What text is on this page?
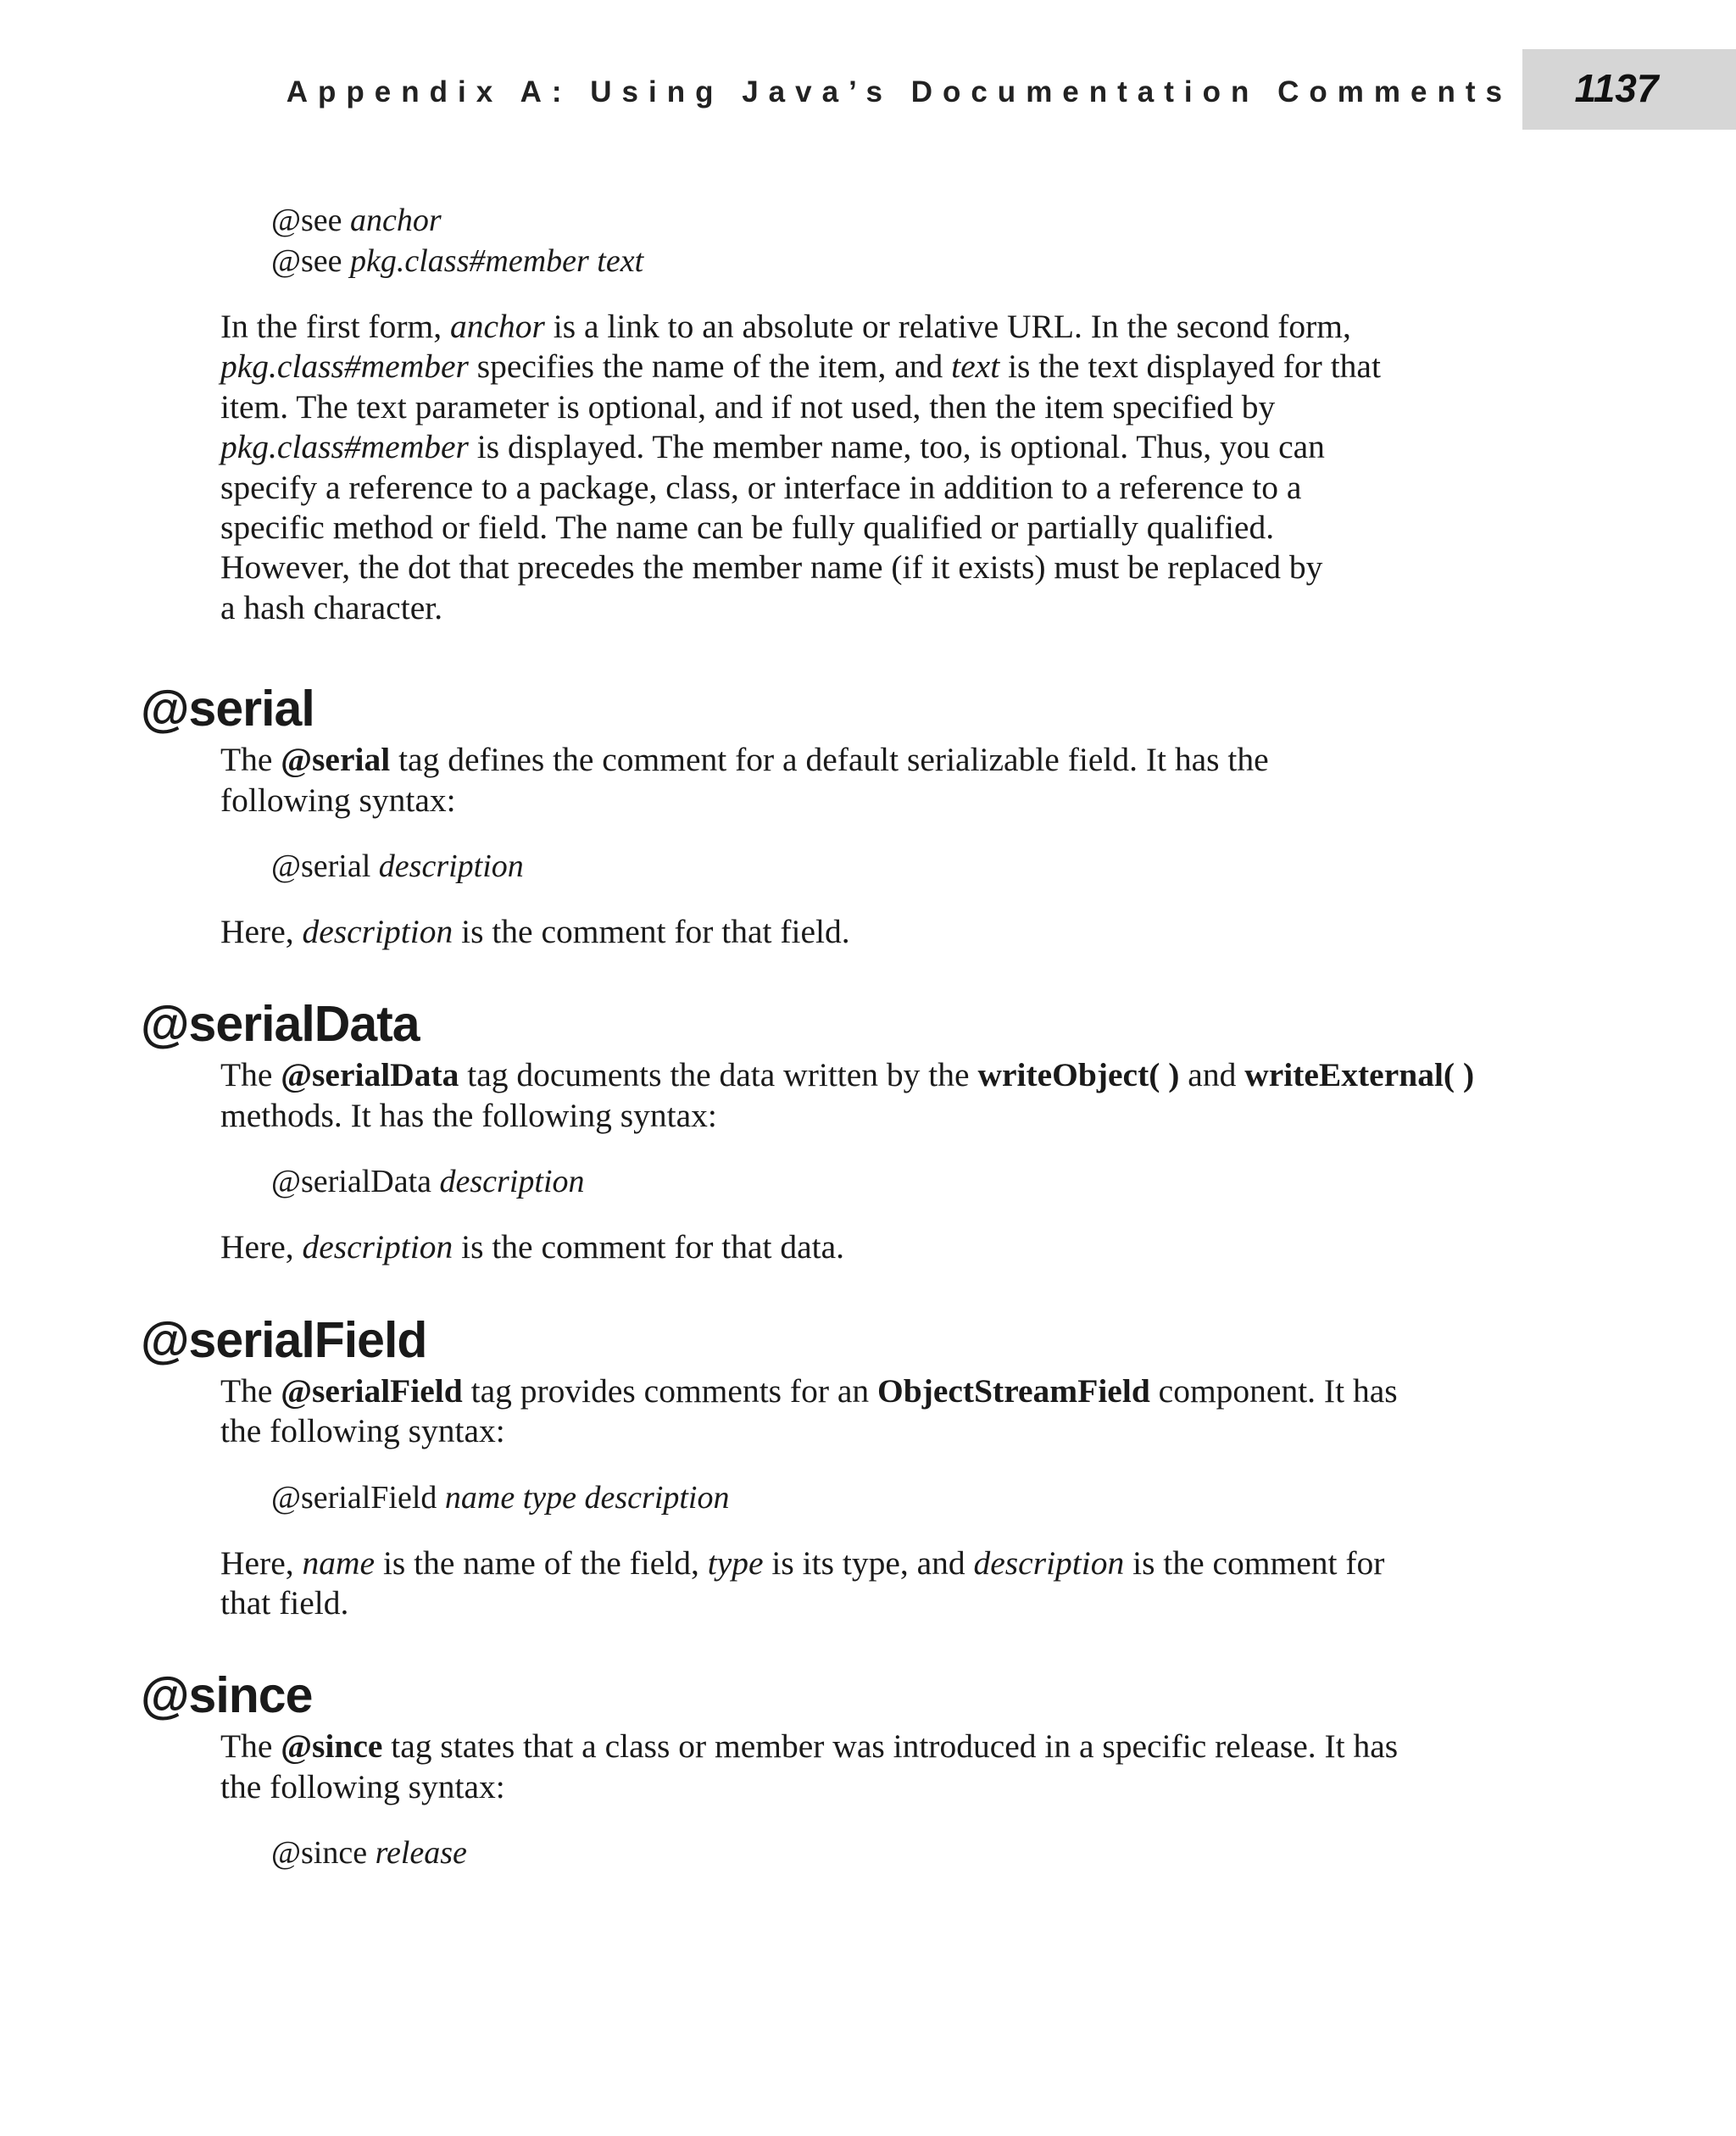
Appendix A: Using Java’s Documentation Comments	1137
@see anchor
@see pkg.class#member text
In the first form, anchor is a link to an absolute or relative URL. In the second form,
pkg.class#member specifies the name of the item, and text is the text displayed for that
item. The text parameter is optional, and if not used, then the item specified by
pkg.class#member is displayed. The member name, too, is optional. Thus, you can
specify a reference to a package, class, or interface in addition to a reference to a
specific method or field. The name can be fully qualified or partially qualified.
However, the dot that precedes the member name (if it exists) must be replaced by
a hash character.
@serial
The @serial tag defines the comment for a default serializable field. It has the
following syntax:
@serial description
Here, description is the comment for that field.
@serialData
The @serialData tag documents the data written by the writeObject( ) and writeExternal( )
methods. It has the following syntax:
@serialData description
Here, description is the comment for that data.
@serialField
The @serialField tag provides comments for an ObjectStreamField component. It has
the following syntax:
@serialField name type description
Here, name is the name of the field, type is its type, and description is the comment for
that field.
@since
The @since tag states that a class or member was introduced in a specific release. It has
the following syntax:
@since release
